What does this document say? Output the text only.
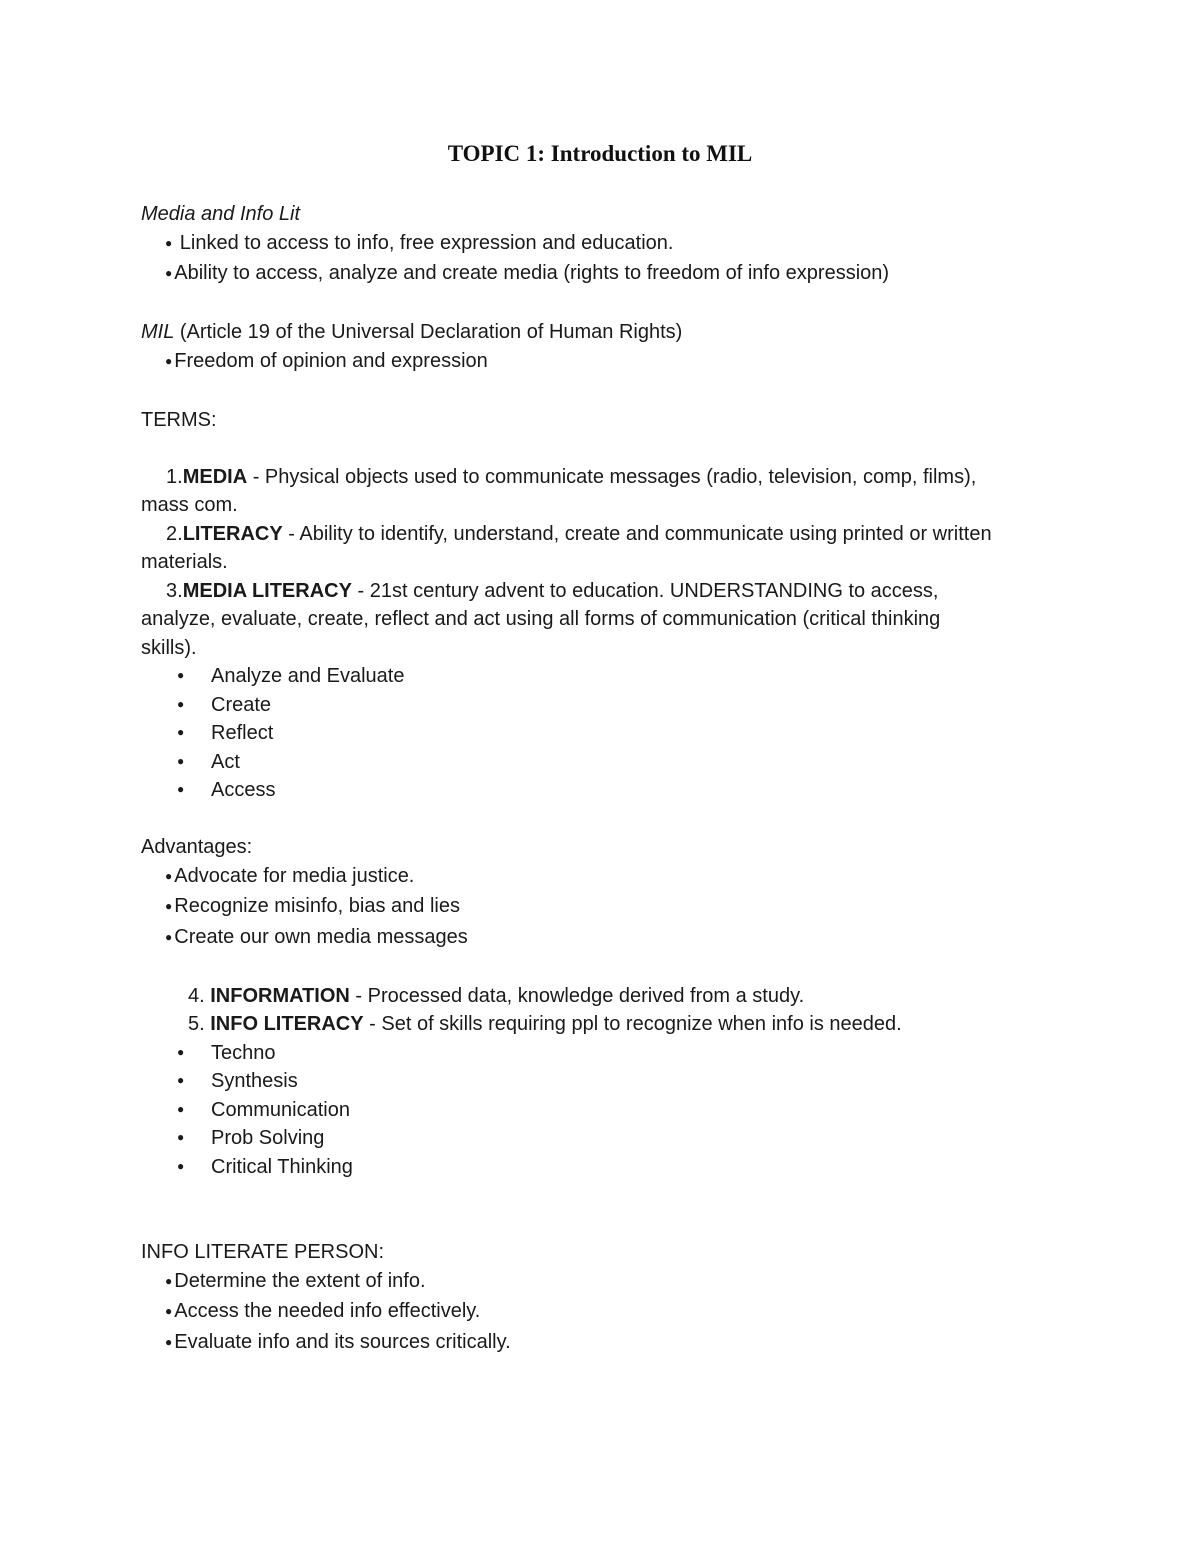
TOPIC 1: Introduction to MIL
Media and Info Lit
● Linked to access to info, free expression and education.
● Ability to access, analyze and create media (rights to freedom of info expression)
MIL (Article 19 of the Universal Declaration of Human Rights)
● Freedom of opinion and expression
TERMS:
1.MEDIA - Physical objects used to communicate messages (radio, television, comp, films),
mass com.
2.LITERACY - Ability to identify, understand, create and communicate using printed or written
materials.
3.MEDIA LITERACY - 21st century advent to education. UNDERSTANDING to access,
analyze, evaluate, create, reflect and act using all forms of communication (critical thinking
skills).
●	Analyze and Evaluate
●	Create
●	Reflect
●	Act
●	Access
Advantages:
● Advocate for media justice.
● Recognize misinfo, bias and lies
● Create our own media messages
4. INFORMATION - Processed data, knowledge derived from a study.
5. INFO LITERACY - Set of skills requiring ppl to recognize when info is needed.
●	Techno
●	Synthesis
●	Communication
●	Prob Solving
●	Critical Thinking
INFO LITERATE PERSON:
● Determine the extent of info.
● Access the needed info effectively.
● Evaluate info and its sources critically.
